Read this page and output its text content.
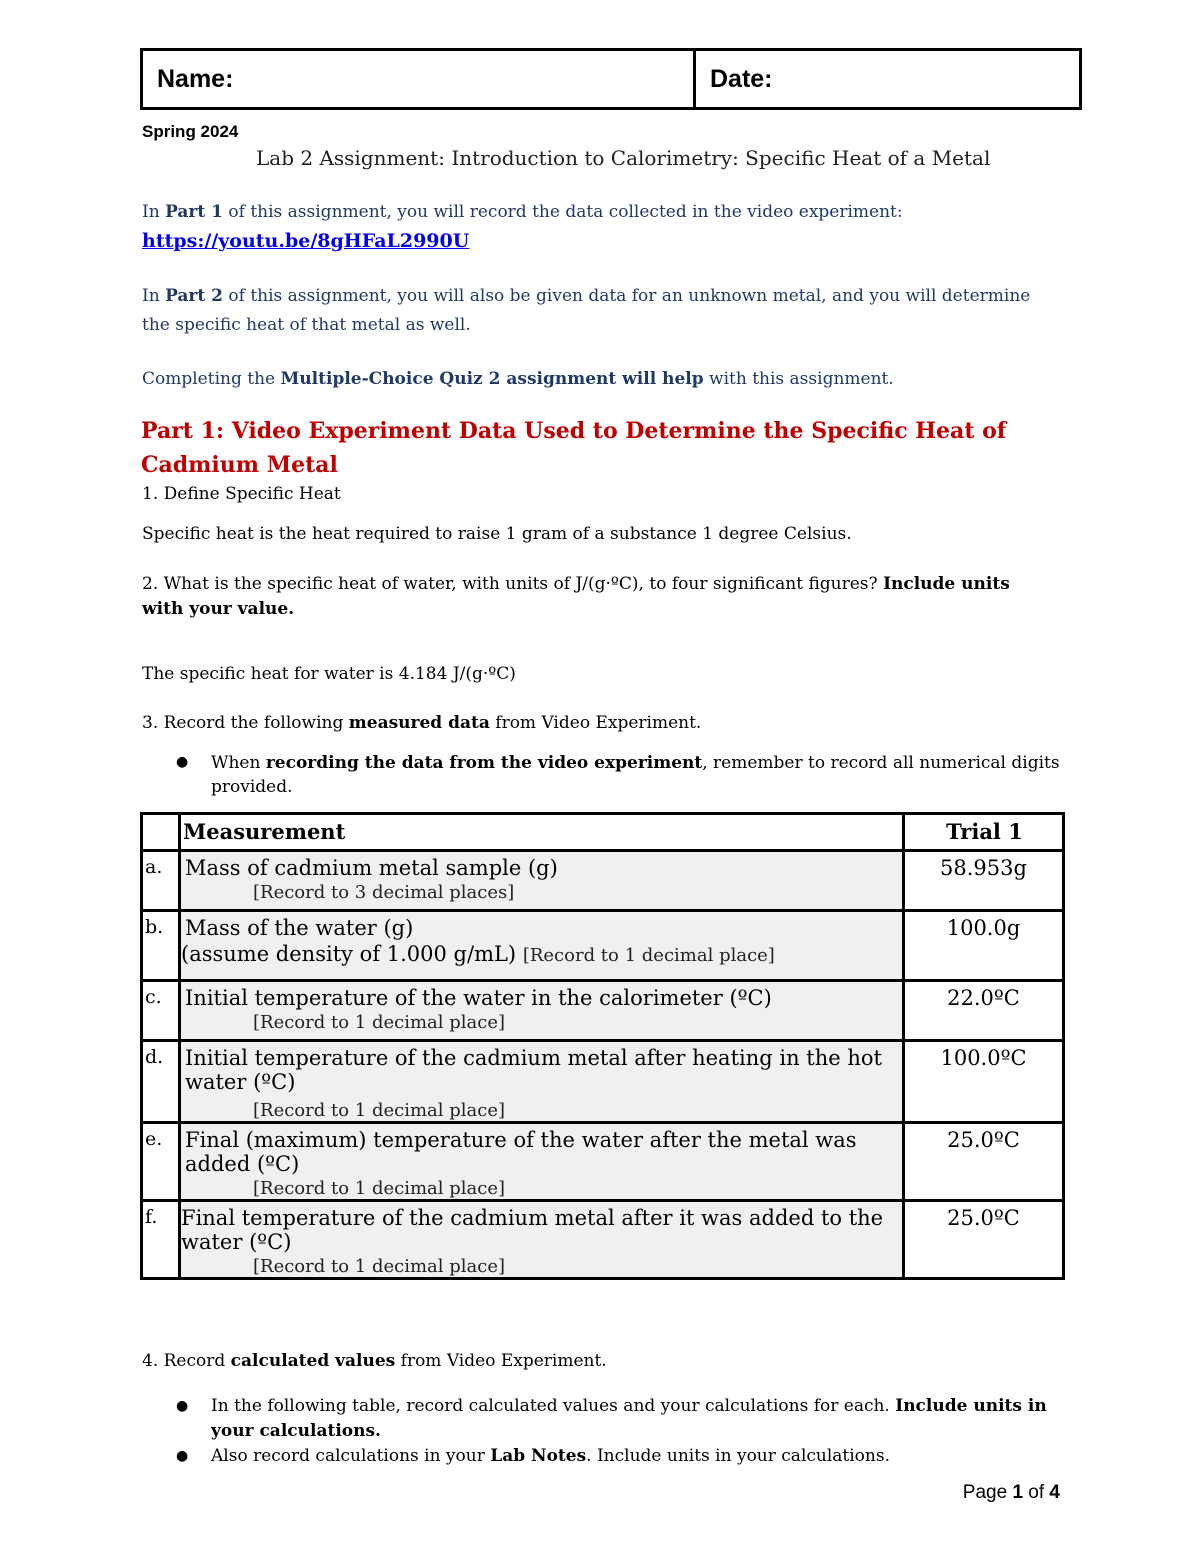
Name:	Date:
Spring 2024
Lab 2 Assignment: Introduction to Calorimetry: Specific Heat of a Metal
In Part 1 of this assignment, you will record the data collected in the video experiment:
https://youtu.be/8gHFaL2990U
In Part 2 of this assignment, you will also be given data for an unknown metal, and you will determine
the specific heat of that metal as well.
Completing the Multiple-Choice Quiz 2 assignment will help with this assignment.
Part 1: Video Experiment Data Used to Determine the Specific Heat of Cadmium Metal
1. Define Specific Heat
Specific heat is the heat required to raise 1 gram of a substance 1 degree Celsius.
2. What is the specific heat of water, with units of J/(g·ºC), to four significant figures? Include units
with your value.
The specific heat for water is 4.184 J/(g·ºC)
3. Record the following measured data from Video Experiment.
● When recording the data from the video experiment, remember to record all numerical digits
provided.
	Measurement	Trial 1

a.	Mass of cadmium metal sample (g)
[Record to 3 decimal places]	58.953g

b.	Mass of the water (g)
(assume density of 1.000 g/mL) [Record to 1 decimal place]	100.0g

c.	Initial temperature of the water in the calorimeter (ºC)
[Record to 1 decimal place]	22.0ºC

d.	Initial temperature of the cadmium metal after heating in the hot water (ºC)
[Record to 1 decimal place]	100.0ºC

e.	Final (maximum) temperature of the water after the metal was added (ºC)
[Record to 1 decimal place]	25.0ºC

f.	Final temperature of the cadmium metal after it was added to the water (ºC)
[Record to 1 decimal place]	25.0ºC
4. Record calculated values from Video Experiment.
● In the following table, record calculated values and your calculations for each. Include units in
your calculations.
● Also record calculations in your Lab Notes. Include units in your calculations.
Page 1 of 4
